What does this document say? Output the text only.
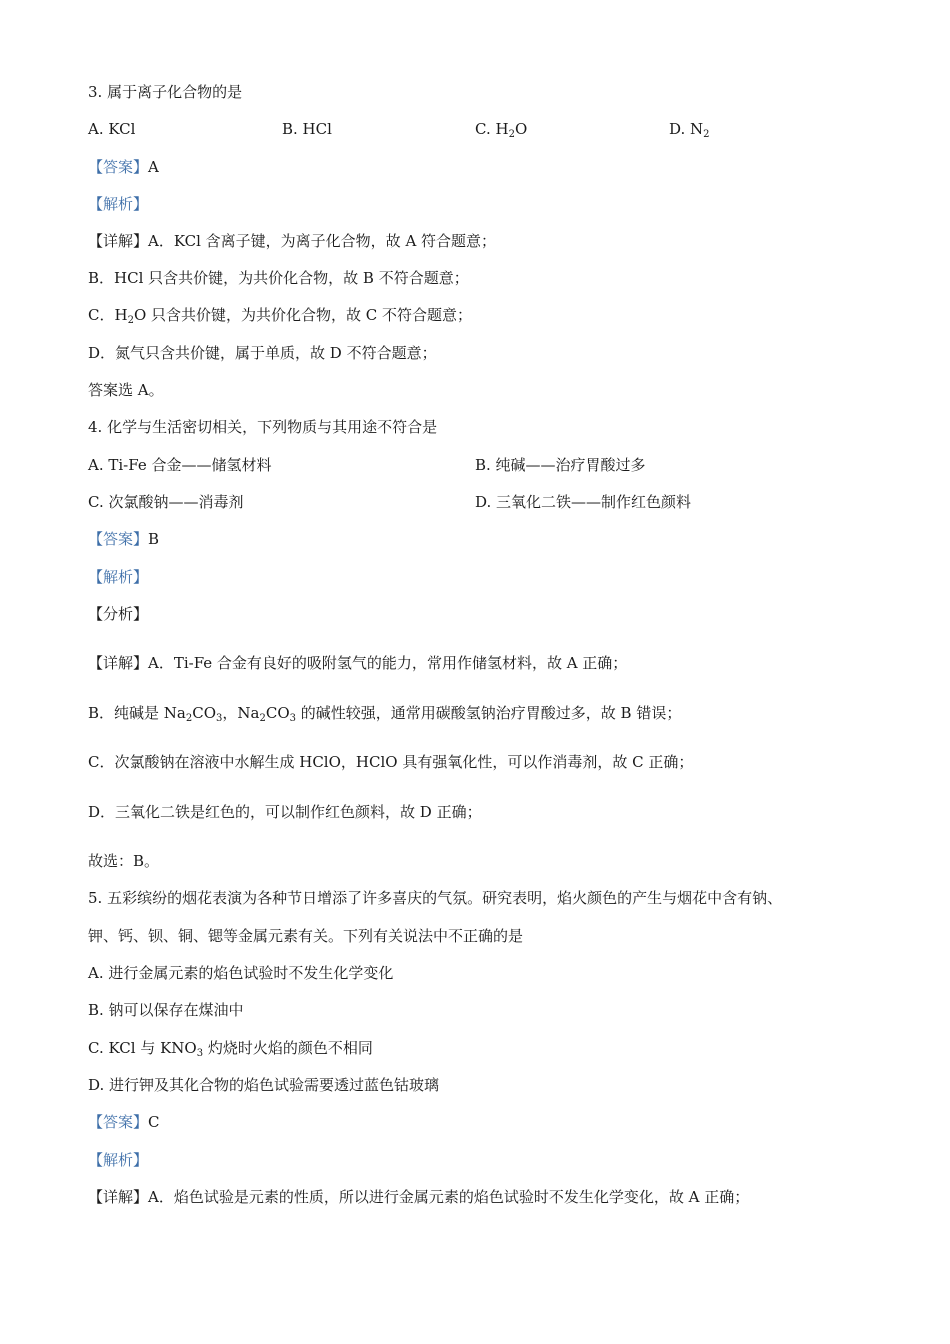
3. 属于离子化合物的是
A. KCl	B. HCl	C. $H_2O$	D. $N_2$
【答案】A
【解析】
【详解】A．KCl 含离子键，为离子化合物，故 A 符合题意；
B．HCl 只含共价键，为共价化合物，故 B 不符合题意；
C．$H_2O$ 只含共价键，为共价化合物，故 C 不符合题意；
D．氮气只含共价键，属于单质，故 D 不符合题意；
答案选 A。
4. 化学与生活密切相关，下列物质与其用途不符合是
A. Ti-Fe 合金——储氢材料	B. 纯碱——治疗胃酸过多
C. 次氯酸钠——消毒剂	D. 三氧化二铁——制作红色颜料
【答案】B
【解析】
【分析】
【详解】A．Ti-Fe 合金有良好的吸附氢气的能力，常用作储氢材料，故 A 正确；
B．纯碱是 $Na_2CO_3$，$Na_2CO_3$ 的碱性较强，通常用碳酸氢钠治疗胃酸过多，故 B 错误；
C．次氯酸钠在溶液中水解生成 HClO，HClO 具有强氧化性，可以作消毒剂，故 C 正确；
D．三氧化二铁是红色的，可以制作红色颜料，故 D 正确；
故选：B。
5. 五彩缤纷的烟花表演为各种节日增添了许多喜庆的气氛。研究表明，焰火颜色的产生与烟花中含有钠、
钾、钙、钡、铜、锶等金属元素有关。下列有关说法中不正确的是
A. 进行金属元素的焰色试验时不发生化学变化
B. 钠可以保存在煤油中
C. KCl 与 $KNO_3$ 灼烧时火焰的颜色不相同
D. 进行钾及其化合物的焰色试验需要透过蓝色钴玻璃
【答案】C
【解析】
【详解】A．焰色试验是元素的性质，所以进行金属元素的焰色试验时不发生化学变化，故 A 正确；
